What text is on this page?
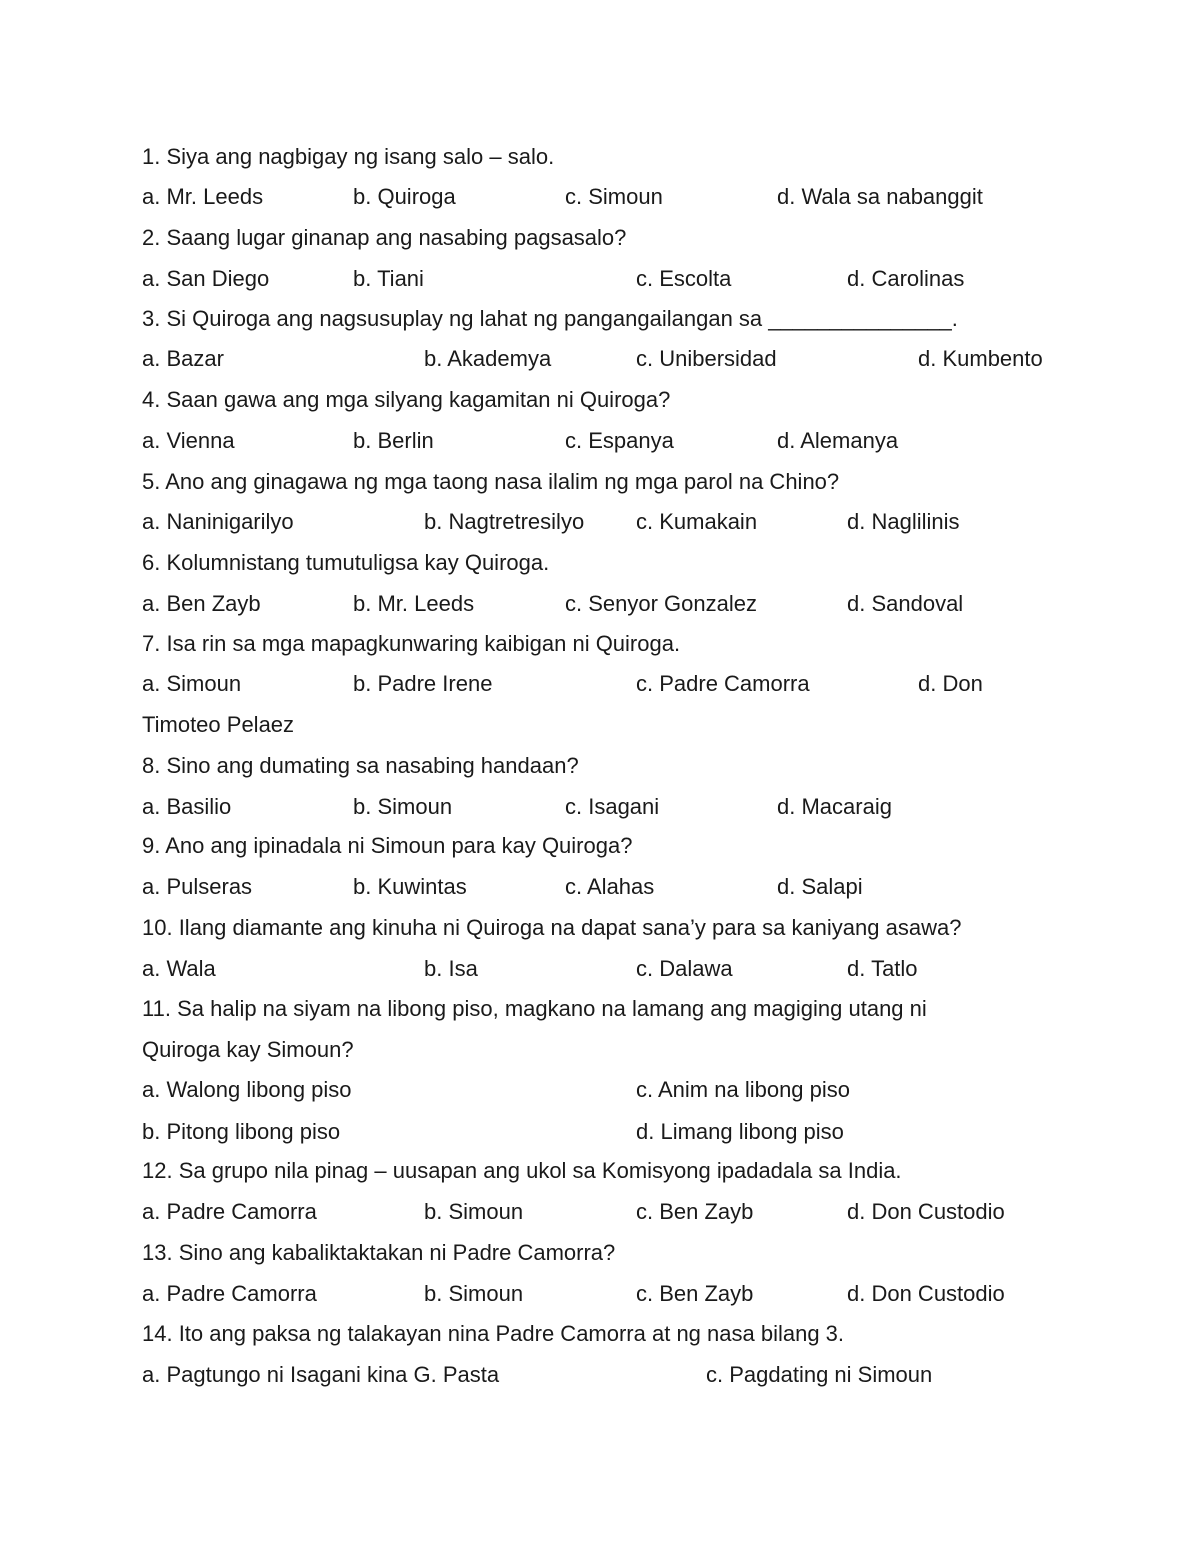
1. Siya ang nagbigay ng isang salo – salo.
a. Mr. Leeds	b. Quiroga	c. Simoun	d. Wala sa nabanggit
2. Saang lugar ginanap ang nasabing pagsasalo?
a. San Diego	b. Tiani	c. Escolta	d. Carolinas
3. Si Quiroga ang nagsusuplay ng lahat ng pangangailangan sa _______________.
a. Bazar	b. Akademya	c. Unibersidad	d. Kumbento
4. Saan gawa ang mga silyang kagamitan ni Quiroga?
a. Vienna	b. Berlin	c. Espanya	d. Alemanya
5. Ano ang ginagawa ng mga taong nasa ilalim ng mga parol na Chino?
a. Naninigarilyo	b. Nagtretresilyo c. Kumakain	d. Naglilinis
6. Kolumnistang tumutuligsa kay Quiroga.
a. Ben Zayb	b. Mr. Leeds	c. Senyor Gonzalez	d. Sandoval
7. Isa rin sa mga mapagkunwaring kaibigan ni Quiroga.
a. Simoun	b. Padre Irene	c. Padre Camorra	d. Don
Timoteo Pelaez
8. Sino ang dumating sa nasabing handaan?
a. Basilio	b. Simoun	c. Isagani	d. Macaraig
9. Ano ang ipinadala ni Simoun para kay Quiroga?
a. Pulseras	b. Kuwintas	c. Alahas	d. Salapi
10. Ilang diamante ang kinuha ni Quiroga na dapat sana’y para sa kaniyang asawa?
a. Wala	b. Isa	c. Dalawa	d. Tatlo
11. Sa halip na siyam na libong piso, magkano na lamang ang magiging utang ni
Quiroga kay Simoun?
a. Walong libong piso	c. Anim na libong piso
b. Pitong libong piso	d. Limang libong piso
12. Sa grupo nila pinag – uusapan ang ukol sa Komisyong ipadadala sa India.
a. Padre Camorra	b. Simoun	c. Ben Zayb	d. Don Custodio
13. Sino ang kabaliktaktakan ni Padre Camorra?
a. Padre Camorra	b. Simoun	c. Ben Zayb	d. Don Custodio
14. Ito ang paksa ng talakayan nina Padre Camorra at ng nasa bilang 3.
a. Pagtungo ni Isagani kina G. Pasta	c. Pagdating ni Simoun
